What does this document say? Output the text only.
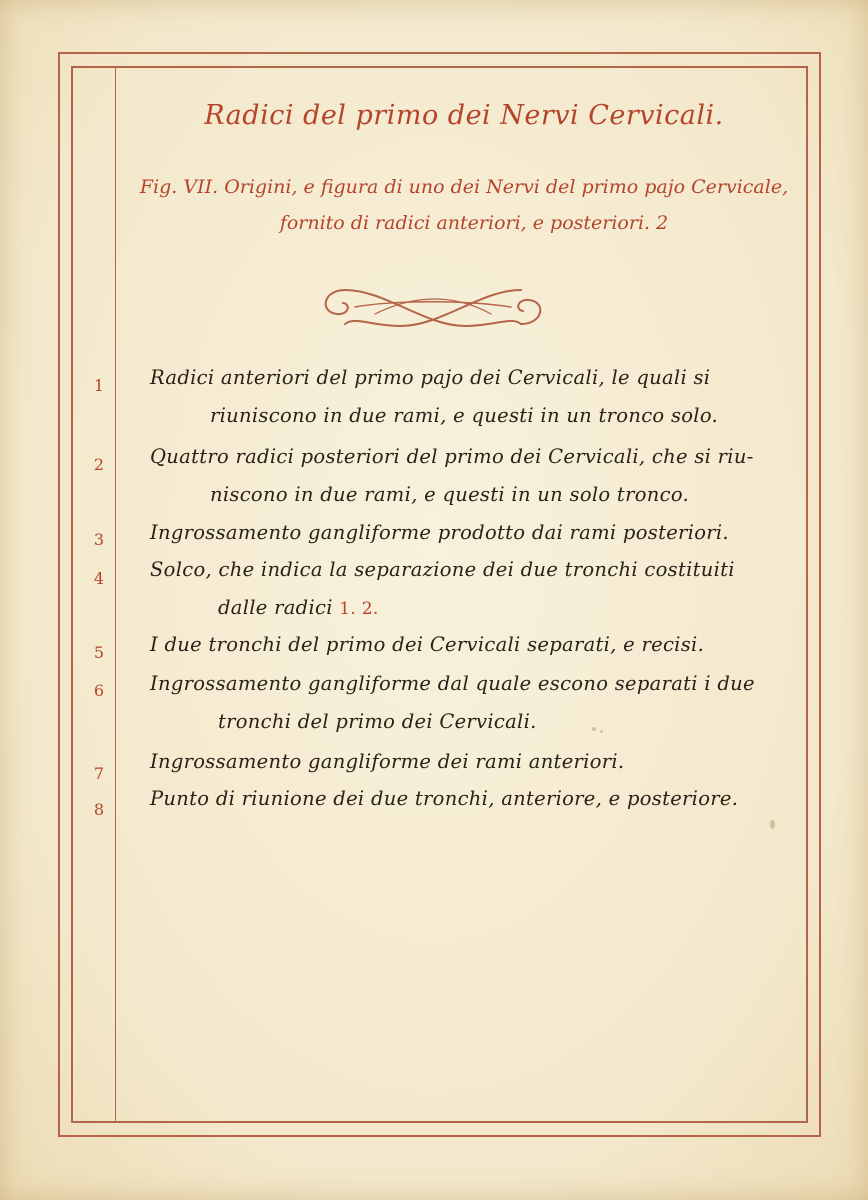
Radici del primo dei Nervi Cervicali.
Fig. VII. Origini, e figura di uno dei Nervi del primo pajo Cervicale,
fornito di radici anteriori, e posteriori. 2
1
2
3
4
5
6
7
8
Radici anteriori del primo pajo dei Cervicali, le quali si
riuniscono in due rami, e questi in un tronco solo.
Quattro radici posteriori del primo dei Cervicali, che si riu-
niscono in due rami, e questi in un solo tronco.
Ingrossamento gangliforme prodotto dai rami posteriori.
Solco, che indica la separazione dei due tronchi costituiti
dalle radici 1. 2.
I due tronchi del primo dei Cervicali separati, e recisi.
Ingrossamento gangliforme dal quale escono separati i due
tronchi del primo dei Cervicali.
Ingrossamento gangliforme dei rami anteriori.
Punto di riunione dei due tronchi, anteriore, e posteriore.
